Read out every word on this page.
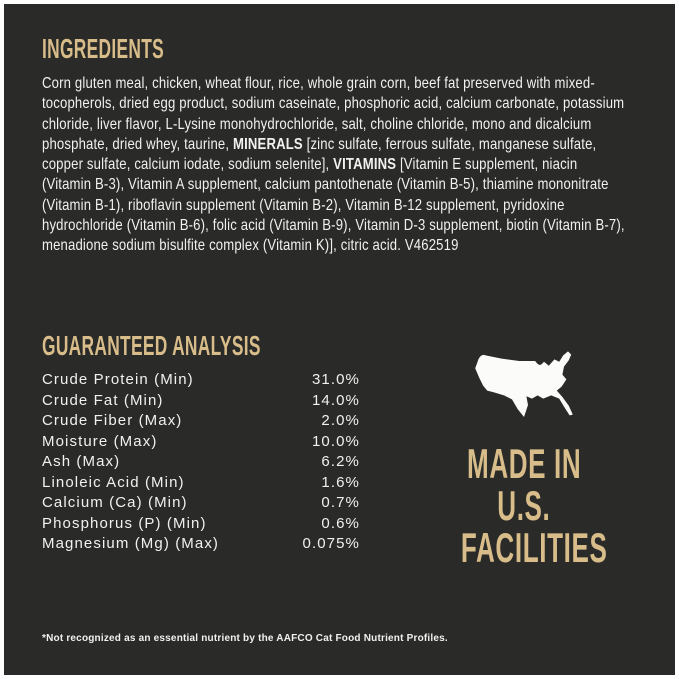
INGREDIENTS

Corn gluten meal, chicken, wheat flour, rice, whole grain corn, beef fat preserved with mixed-tocopherols, dried egg product, sodium caseinate, phosphoric acid, calcium carbonate, potassium chloride, liver flavor, L-Lysine monohydrochloride, salt, choline chloride, mono and dicalcium phosphate, dried whey, taurine, MINERALS [zinc sulfate, ferrous sulfate, manganese sulfate, copper sulfate, calcium iodate, sodium selenite], VITAMINS [Vitamin E supplement, niacin (Vitamin B-3), Vitamin A supplement, calcium pantothenate (Vitamin B-5), thiamine mononitrate (Vitamin B-1), riboflavin supplement (Vitamin B-2), Vitamin B-12 supplement, pyridoxine hydrochloride (Vitamin B-6), folic acid (Vitamin B-9), Vitamin D-3 supplement, biotin (Vitamin B-7), menadione sodium bisulfite complex (Vitamin K)], citric acid. V462519

GUARANTEED ANALYSIS
Crude Protein (Min)	31.0%
Crude Fat (Min)	14.0%
Crude Fiber (Max)	2.0%
Moisture (Max)	10.0%
Ash (Max)	6.2%
Linoleic Acid (Min)	1.6%
Calcium (Ca) (Min)	0.7%
Phosphorus (P) (Min)	0.6%
Magnesium (Mg) (Max)	0.075%
MADE IN
U.S.
FACILITIES

*Not recognized as an essential nutrient by the AAFCO Cat Food Nutrient Profiles.
